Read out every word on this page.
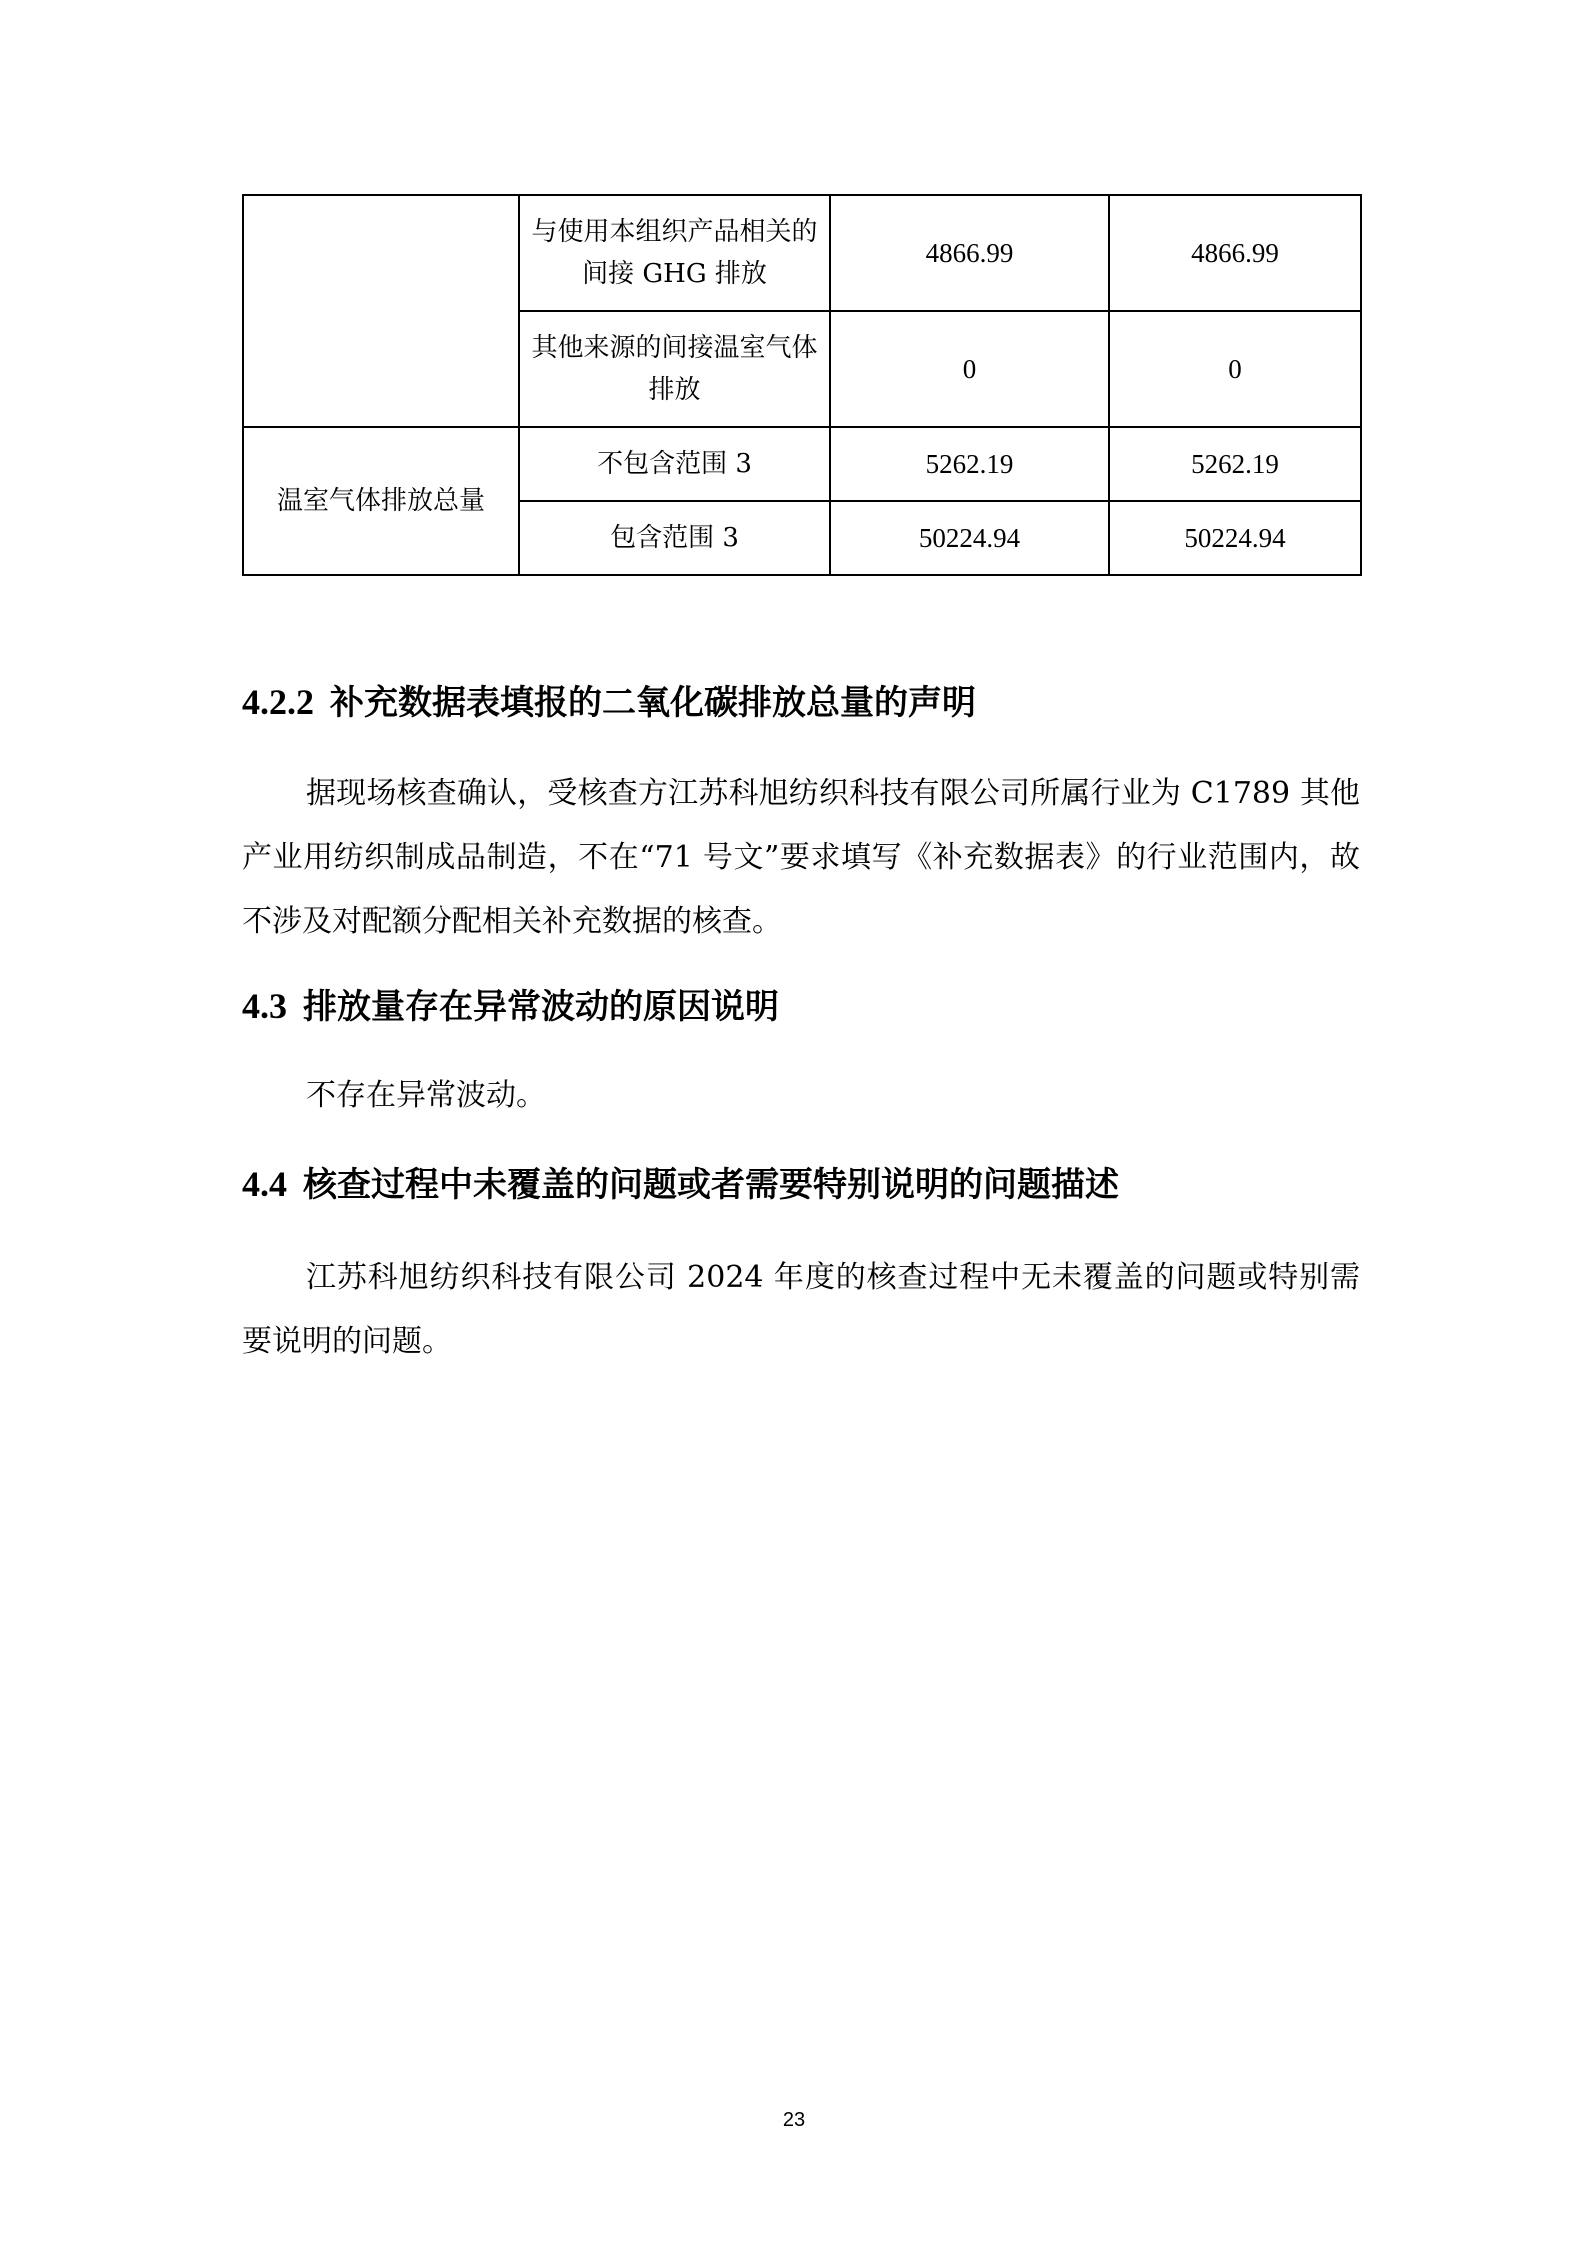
	与使用本组织产品相关的间接 GHG 排放	4866.99	4866.99
	其他来源的间接温室气体排放	0	0
温室气体排放总量	不包含范围 3	5262.19	5262.19
	包含范围 3	50224.94	50224.94
4.2.2 补充数据表填报的二氧化碳排放总量的声明

据现场核查确认，受核查方江苏科旭纺织科技有限公司所属行业为 C1789 其他产业用纺织制成品制造，不在“71 号文”要求填写《补充数据表》的行业范围内，故不涉及对配额分配相关补充数据的核查。

4.3 排放量存在异常波动的原因说明

不存在异常波动。

4.4 核查过程中未覆盖的问题或者需要特别说明的问题描述

江苏科旭纺织科技有限公司 2024 年度的核查过程中无未覆盖的问题或特别需要说明的问题。

23
